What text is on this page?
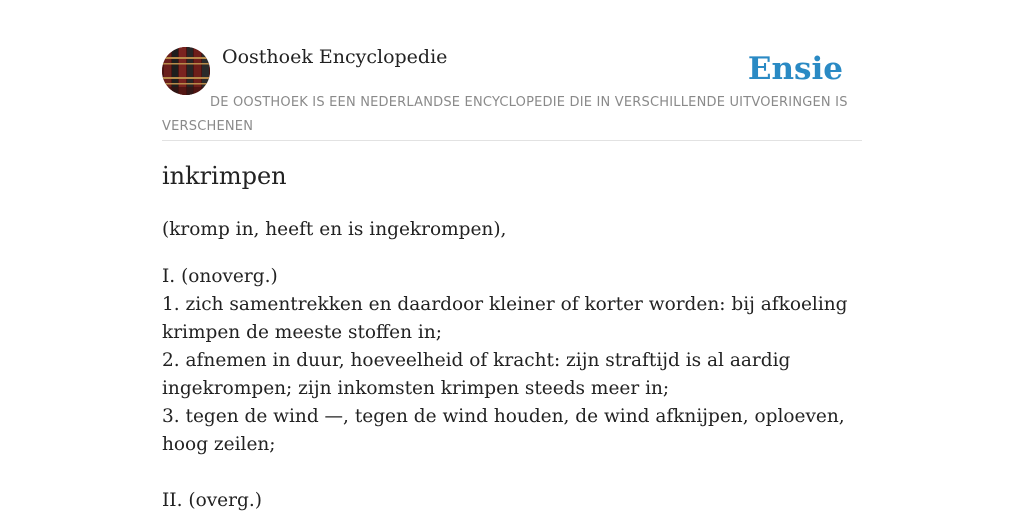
Oosthoek Encyclopedie	Ensie

DE OOSTHOEK IS EEN NEDERLANDSE ENCYCLOPEDIE DIE IN VERSCHILLENDE UITVOERINGEN IS VERSCHENEN

inkrimpen

(kromp in, heeft en is ingekrompen),

I. (onoverg.)

1. zich samentrekken en daardoor kleiner of korter worden: bij afkoeling krimpen de meeste stoffen in;

2. afnemen in duur, hoeveelheid of kracht: zijn straftijd is al aardig ingekrompen; zijn inkomsten krimpen steeds meer in;

3. tegen de wind —, tegen de wind houden, de wind afknijpen, oploeven, hoog zeilen;

II. (overg.)
